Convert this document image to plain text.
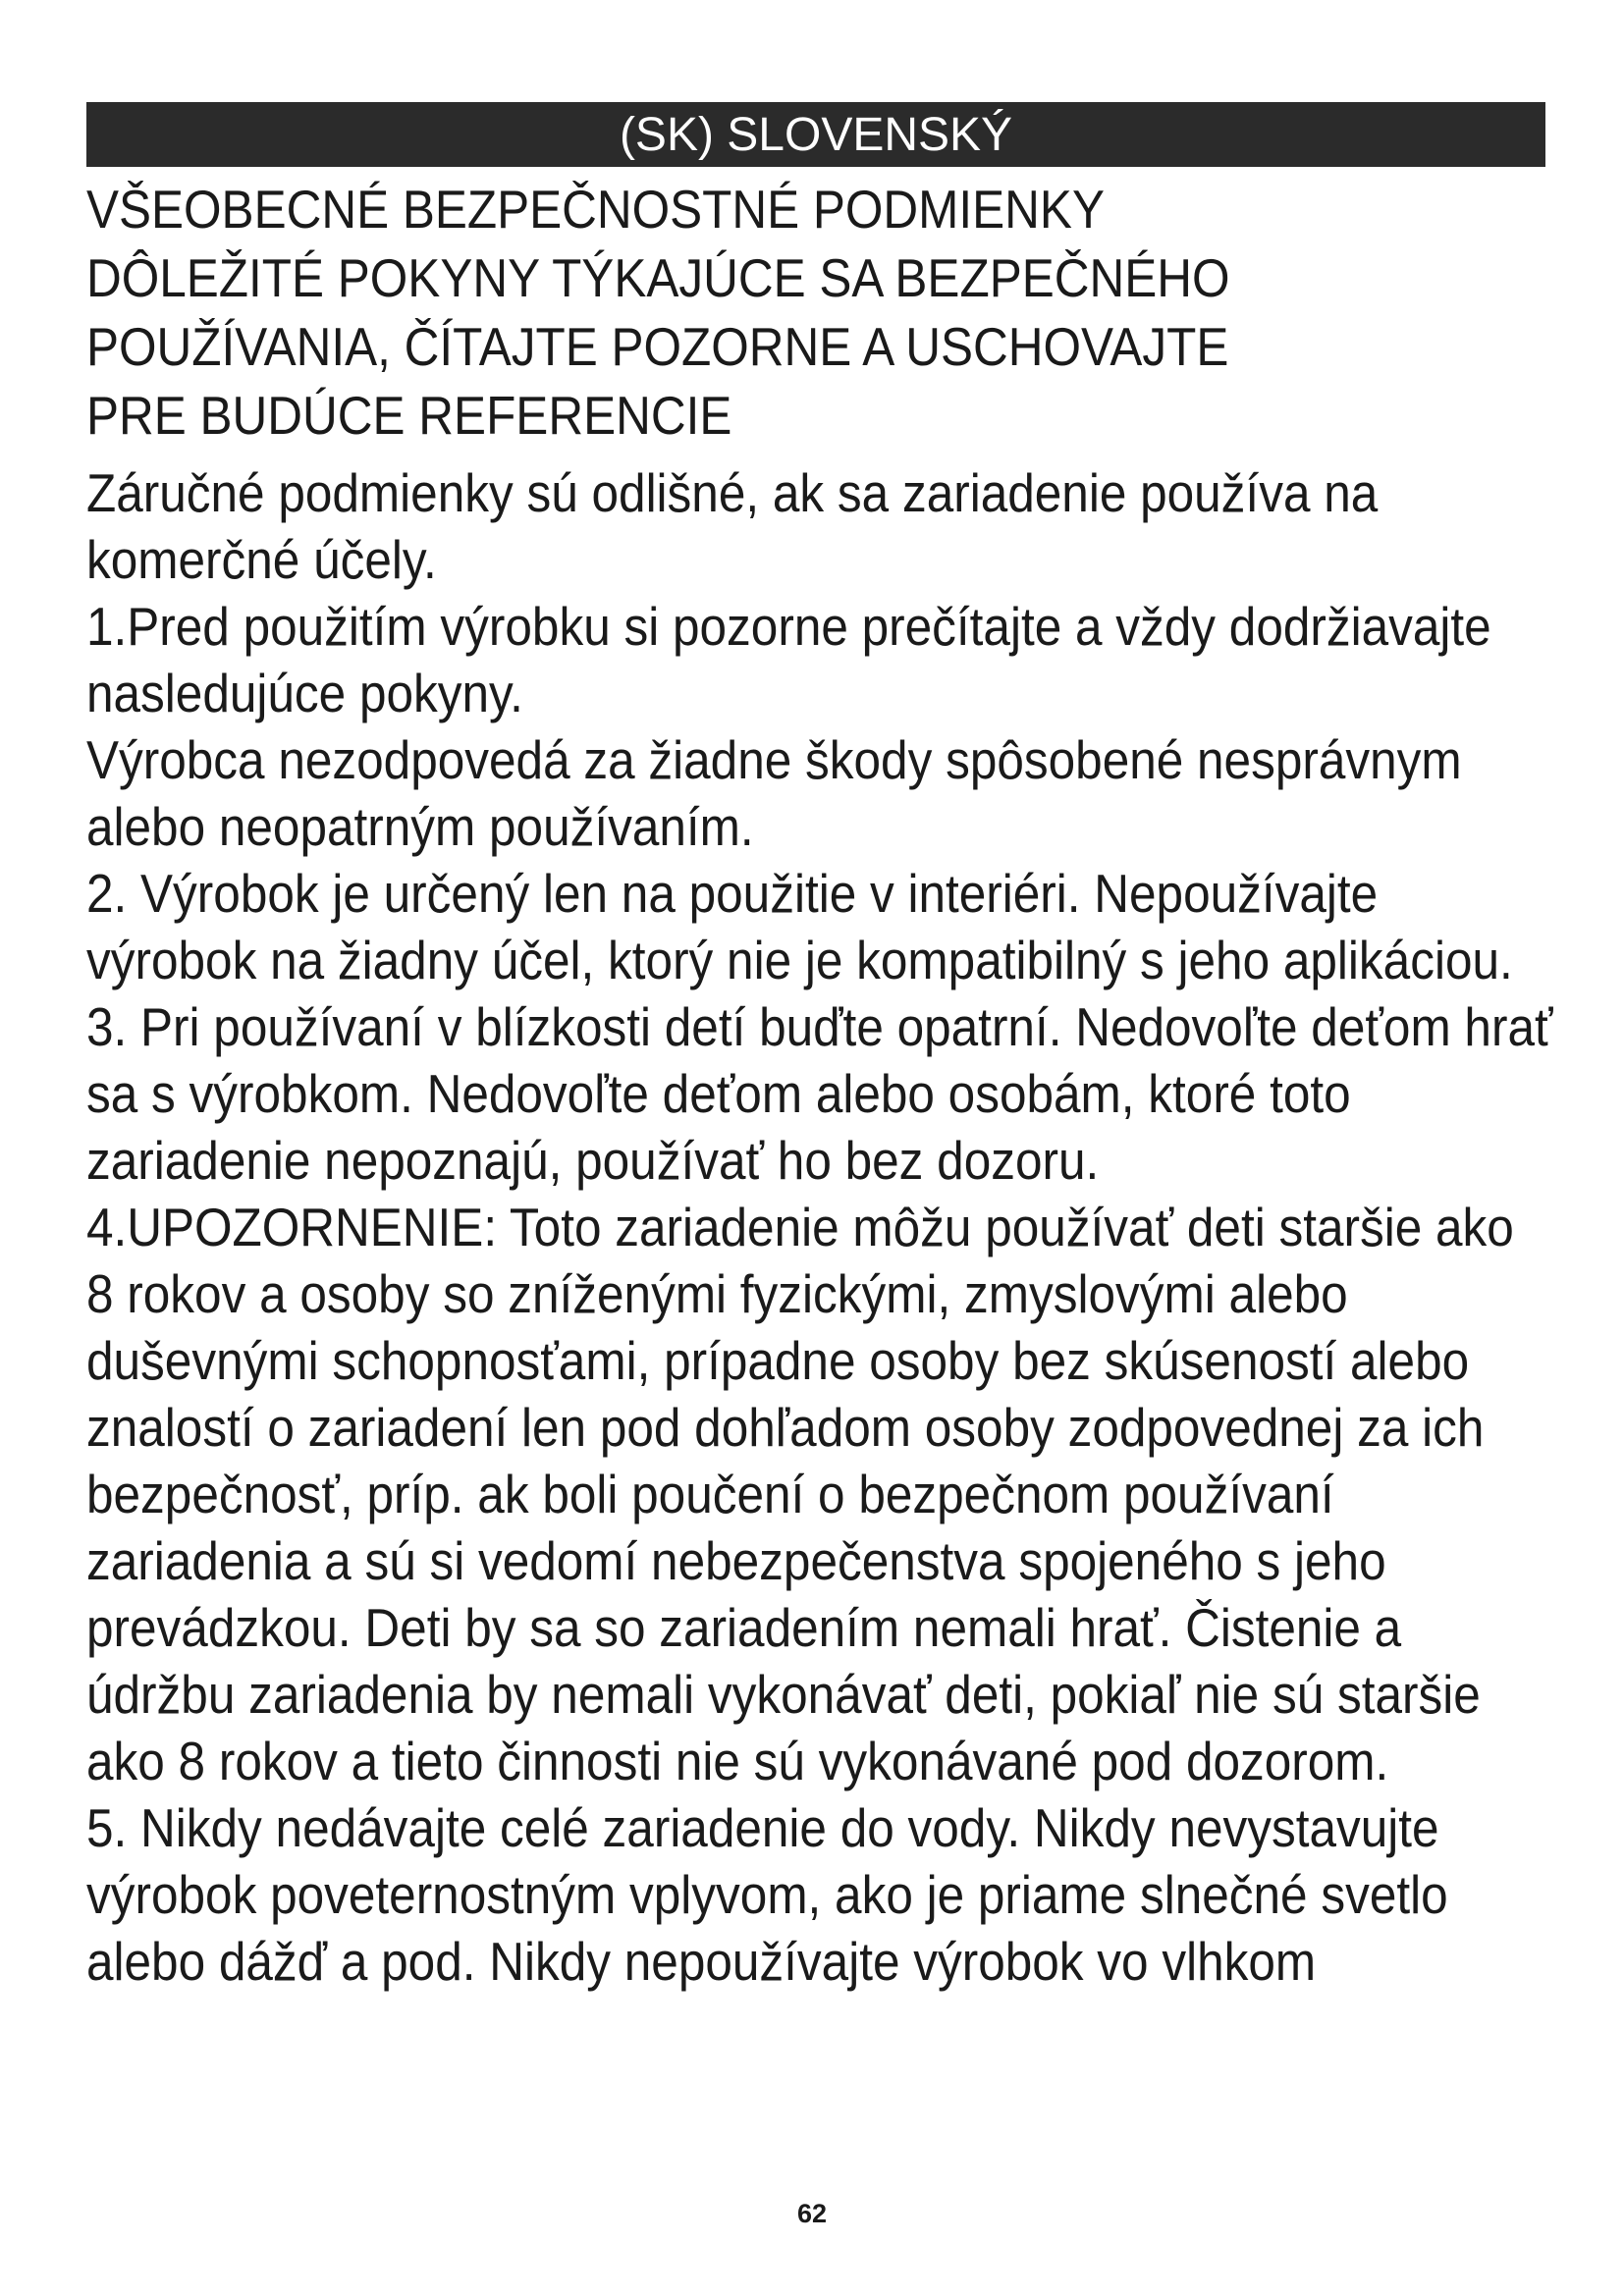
(SK) SLOVENSKÝ

VŠEOBECNÉ BEZPEČNOSTNÉ PODMIENKY

DÔLEŽITÉ POKYNY TÝKAJÚCE SA BEZPEČNÉHO

POUŽÍVANIA, ČÍTAJTE POZORNE A USCHOVAJTE

PRE BUDÚCE REFERENCIE

Záručné podmienky sú odlišné, ak sa zariadenie používa na komerčné účely.

1.Pred použitím výrobku si pozorne prečítajte a vždy dodržiavajte nasledujúce pokyny.

Výrobca nezodpovedá za žiadne škody spôsobené nesprávnym alebo neopatrným používaním.

2. Výrobok je určený len na použitie v interiéri. Nepoužívajte výrobok na žiadny účel, ktorý nie je kompatibilný s jeho aplikáciou.

3. Pri používaní v blízkosti detí buďte opatrní. Nedovoľte deťom hrať sa s výrobkom. Nedovoľte deťom alebo osobám, ktoré toto zariadenie nepoznajú, používať ho bez dozoru.

4.UPOZORNENIE: Toto zariadenie môžu používať deti staršie ako 8 rokov a osoby so zníženými fyzickými, zmyslovými alebo duševnými schopnosťami, prípadne osoby bez skúseností alebo znalostí o zariadení len pod dohľadom osoby zodpovednej za ich bezpečnosť, príp. ak boli poučení o bezpečnom používaní zariadenia a sú si vedomí nebezpečenstva spojeného s jeho prevádzkou. Deti by sa so zariadením nemali hrať. Čistenie a údržbu zariadenia by nemali vykonávať deti, pokiaľ nie sú staršie ako 8 rokov a tieto činnosti nie sú vykonávané pod dozorom.

5. Nikdy nedávajte celé zariadenie do vody. Nikdy nevystavujte výrobok poveternostným vplyvom, ako je priame slnečné svetlo alebo dážď a pod. Nikdy nepoužívajte výrobok vo vlhkom

62
